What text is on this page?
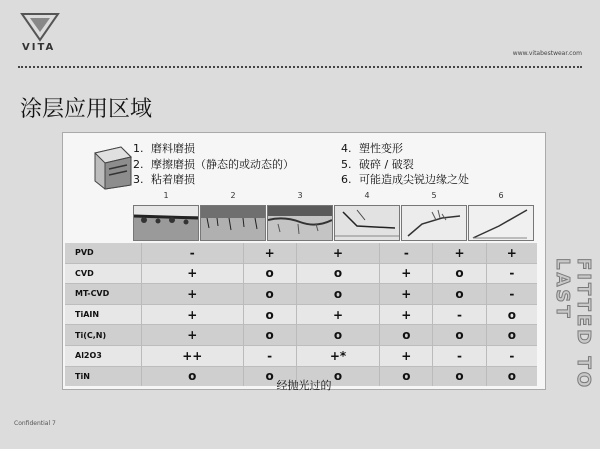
VITA
www.vitabestwear.com
涂层应用区域
1. 磨料磨损
2. 摩擦磨损（静态的或动态的）
3. 粘着磨损
4. 塑性变形
5. 破碎 / 破裂
6. 可能造成尖锐边缘之处
1	2	3	4	5	6
PVD	-	+	+	-	+	+
CVD	+	o	o	+	o	-
MT-CVD	+	o	o	+	o	-
TiAIN	+	o	+	+	-	o
Ti(C,N)	+	o	o	o	o	o
Al2O3	++	-	+*	+	-	-
TiN	o	o	o	o	o	o
经抛光过的
Confidential 7
FITTED TO LAST
